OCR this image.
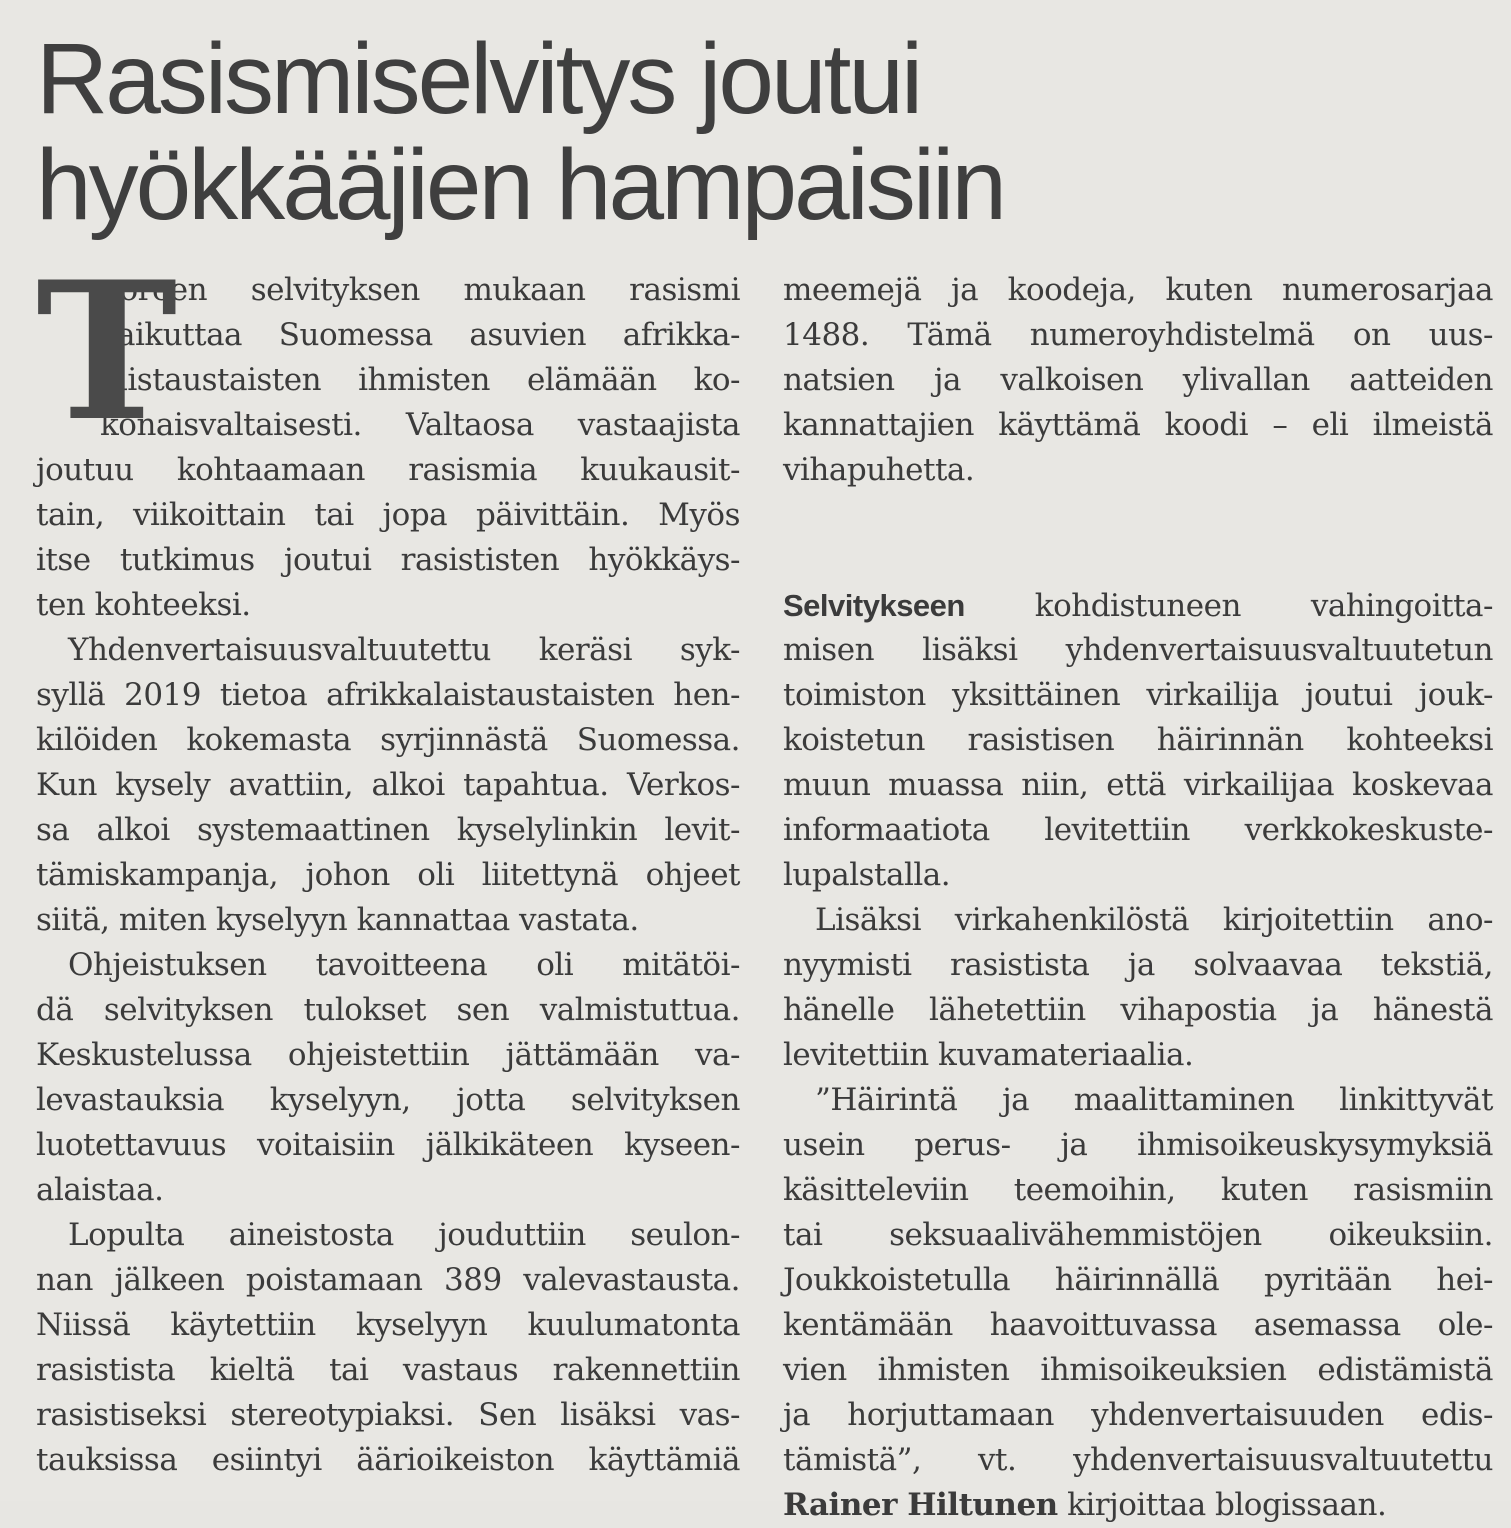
Rasismiselvitys joutui
hyökkääjien hampaisiin
T
uoreen selvityksen mukaan rasismi
vaikuttaa Suomessa asuvien afrikka-
laistaustaisten ihmisten elämään ko-
konaisvaltaisesti. Valtaosa vastaajista
joutuu kohtaamaan rasismia kuukausit-
tain, viikoittain tai jopa päivittäin. Myös
itse tutkimus joutui rasististen hyökkäys-
ten kohteeksi.
Yhdenvertaisuusvaltuutettu keräsi syk-
syllä 2019 tietoa afrikkalaistaustaisten hen-
kilöiden kokemasta syrjinnästä Suomessa.
Kun kysely avattiin, alkoi tapahtua. Verkos-
sa alkoi systemaattinen kyselylinkin levit-
tämiskampanja, johon oli liitettynä ohjeet
siitä, miten kyselyyn kannattaa vastata.
Ohjeistuksen tavoitteena oli mitätöi-
dä selvityksen tulokset sen valmistuttua.
Keskustelussa ohjeistettiin jättämään va-
levastauksia kyselyyn, jotta selvityksen
luotettavuus voitaisiin jälkikäteen kyseen-
alaistaa.
Lopulta aineistosta jouduttiin seulon-
nan jälkeen poistamaan 389 valevastausta.
Niissä käytettiin kyselyyn kuulumatonta
rasistista kieltä tai vastaus rakennettiin
rasistiseksi stereotypiaksi. Sen lisäksi vas-
tauksissa esiintyi äärioikeiston käyttämiä
meemejä ja koodeja, kuten numerosarjaa
1488. Tämä numeroyhdistelmä on uus-
natsien ja valkoisen ylivallan aatteiden
kannattajien käyttämä koodi – eli ilmeistä
vihapuhetta.
Selvitykseen kohdistuneen vahingoitta-
misen lisäksi yhdenvertaisuusvaltuutetun
toimiston yksittäinen virkailija joutui jouk-
koistetun rasistisen häirinnän kohteeksi
muun muassa niin, että virkailijaa koskevaa
informaatiota levitettiin verkkokeskuste-
lupalstalla.
Lisäksi virkahenkilöstä kirjoitettiin ano-
nyymisti rasistista ja solvaavaa tekstiä,
hänelle lähetettiin vihapostia ja hänestä
levitettiin kuvamateriaalia.
”Häirintä ja maalittaminen linkittyvät
usein perus- ja ihmisoikeuskysymyksiä
käsitteleviin teemoihin, kuten rasismiin
tai seksuaalivähemmistöjen oikeuksiin.
Joukkoistetulla häirinnällä pyritään hei-
kentämään haavoittuvassa asemassa ole-
vien ihmisten ihmisoikeuksien edistämistä
ja horjuttamaan yhdenvertaisuuden edis-
tämistä”, vt. yhdenvertaisuusvaltuutettu
Rainer Hiltunen kirjoittaa blogissaan.
